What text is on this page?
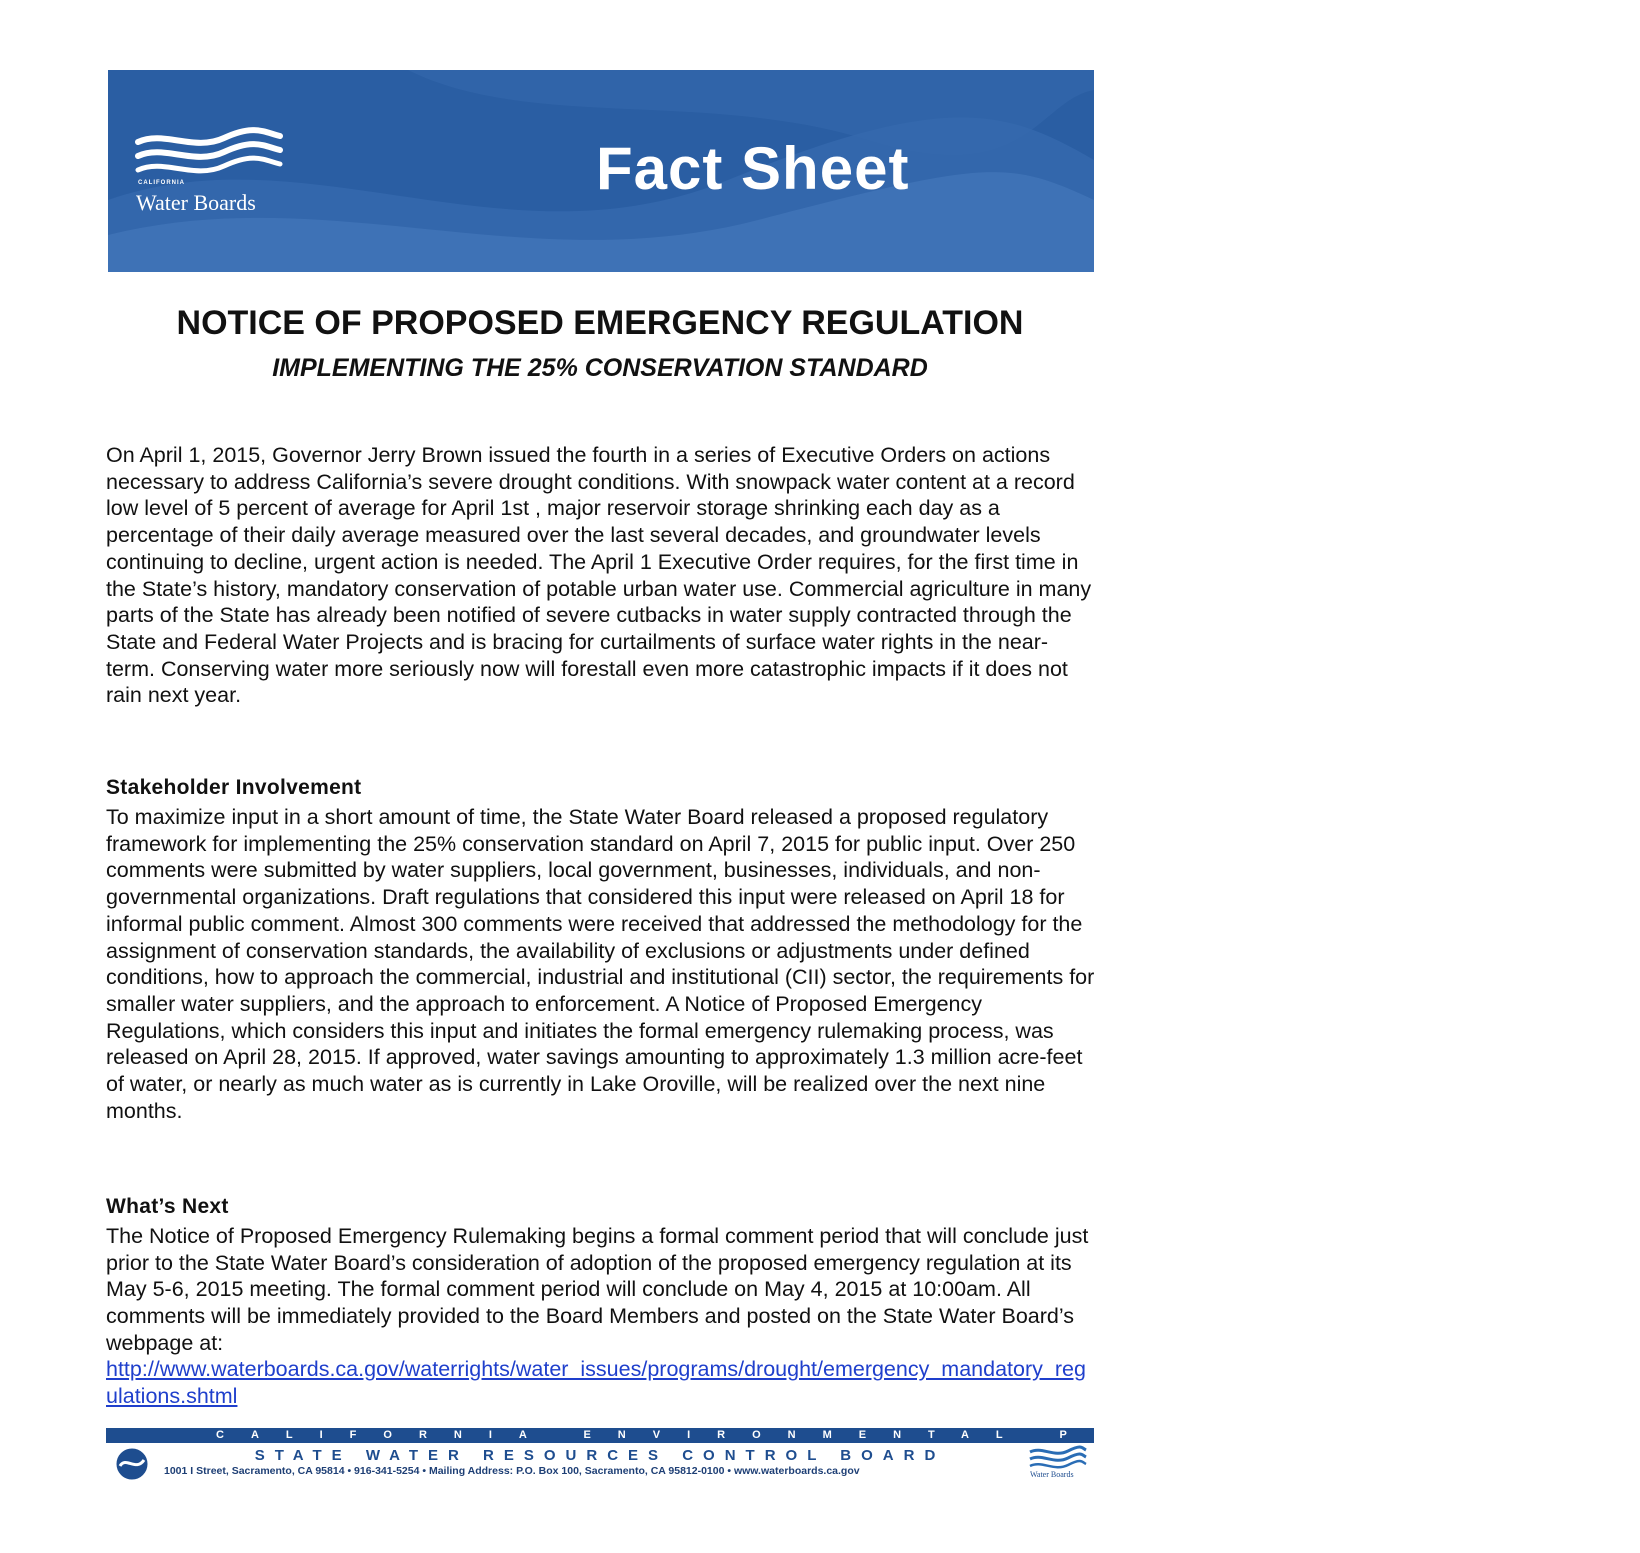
CALIFORNIA
Water Boards
Fact Sheet
NOTICE OF PROPOSED EMERGENCY REGULATION
IMPLEMENTING THE 25% CONSERVATION STANDARD

On April 1, 2015, Governor Jerry Brown issued the fourth in a series of Executive Orders on actions necessary to address California’s severe drought conditions. With snowpack water content at a record low level of 5 percent of average for April 1st , major reservoir storage shrinking each day as a percentage of their daily average measured over the last several decades, and groundwater levels continuing to decline, urgent action is needed. The April 1 Executive Order requires, for the first time in the State’s history, mandatory conservation of potable urban water use. Commercial agriculture in many parts of the State has already been notified of severe cutbacks in water supply contracted through the State and Federal Water Projects and is bracing for curtailments of surface water rights in the near-term. Conserving water more seriously now will forestall even more catastrophic impacts if it does not rain next year.

Stakeholder Involvement

To maximize input in a short amount of time, the State Water Board released a proposed regulatory framework for implementing the 25% conservation standard on April 7, 2015 for public input. Over 250 comments were submitted by water suppliers, local government, businesses, individuals, and non-governmental organizations. Draft regulations that considered this input were released on April 18 for informal public comment. Almost 300 comments were received that addressed the methodology for the assignment of conservation standards, the availability of exclusions or adjustments under defined conditions, how to approach the commercial, industrial and institutional (CII) sector, the requirements for smaller water suppliers, and the approach to enforcement. A Notice of Proposed Emergency Regulations, which considers this input and initiates the formal emergency rulemaking process, was released on April 28, 2015. If approved, water savings amounting to approximately 1.3 million acre-feet of water, or nearly as much water as is currently in Lake Oroville, will be realized over the next nine months.

What’s Next

The Notice of Proposed Emergency Rulemaking begins a formal comment period that will conclude just prior to the State Water Board’s consideration of adoption of the proposed emergency regulation at its May 5-6, 2015 meeting. The formal comment period will conclude on May 4, 2015 at 10:00am. All comments will be immediately provided to the Board Members and posted on the State Water Board’s webpage at:

http://www.waterboards.ca.gov/waterrights/water_issues/programs/drought/emergency_mandatory_regulations.shtml
CALIFORNIA ENVIRONMENTAL PROTECTION AGENCY
STATE WATER RESOURCES CONTROL BOARD
1001 I Street, Sacramento, CA 95814 • 916-341-5254 • Mailing Address: P.O. Box 100, Sacramento, CA 95812-0100 • www.waterboards.ca.gov	Water Boards
